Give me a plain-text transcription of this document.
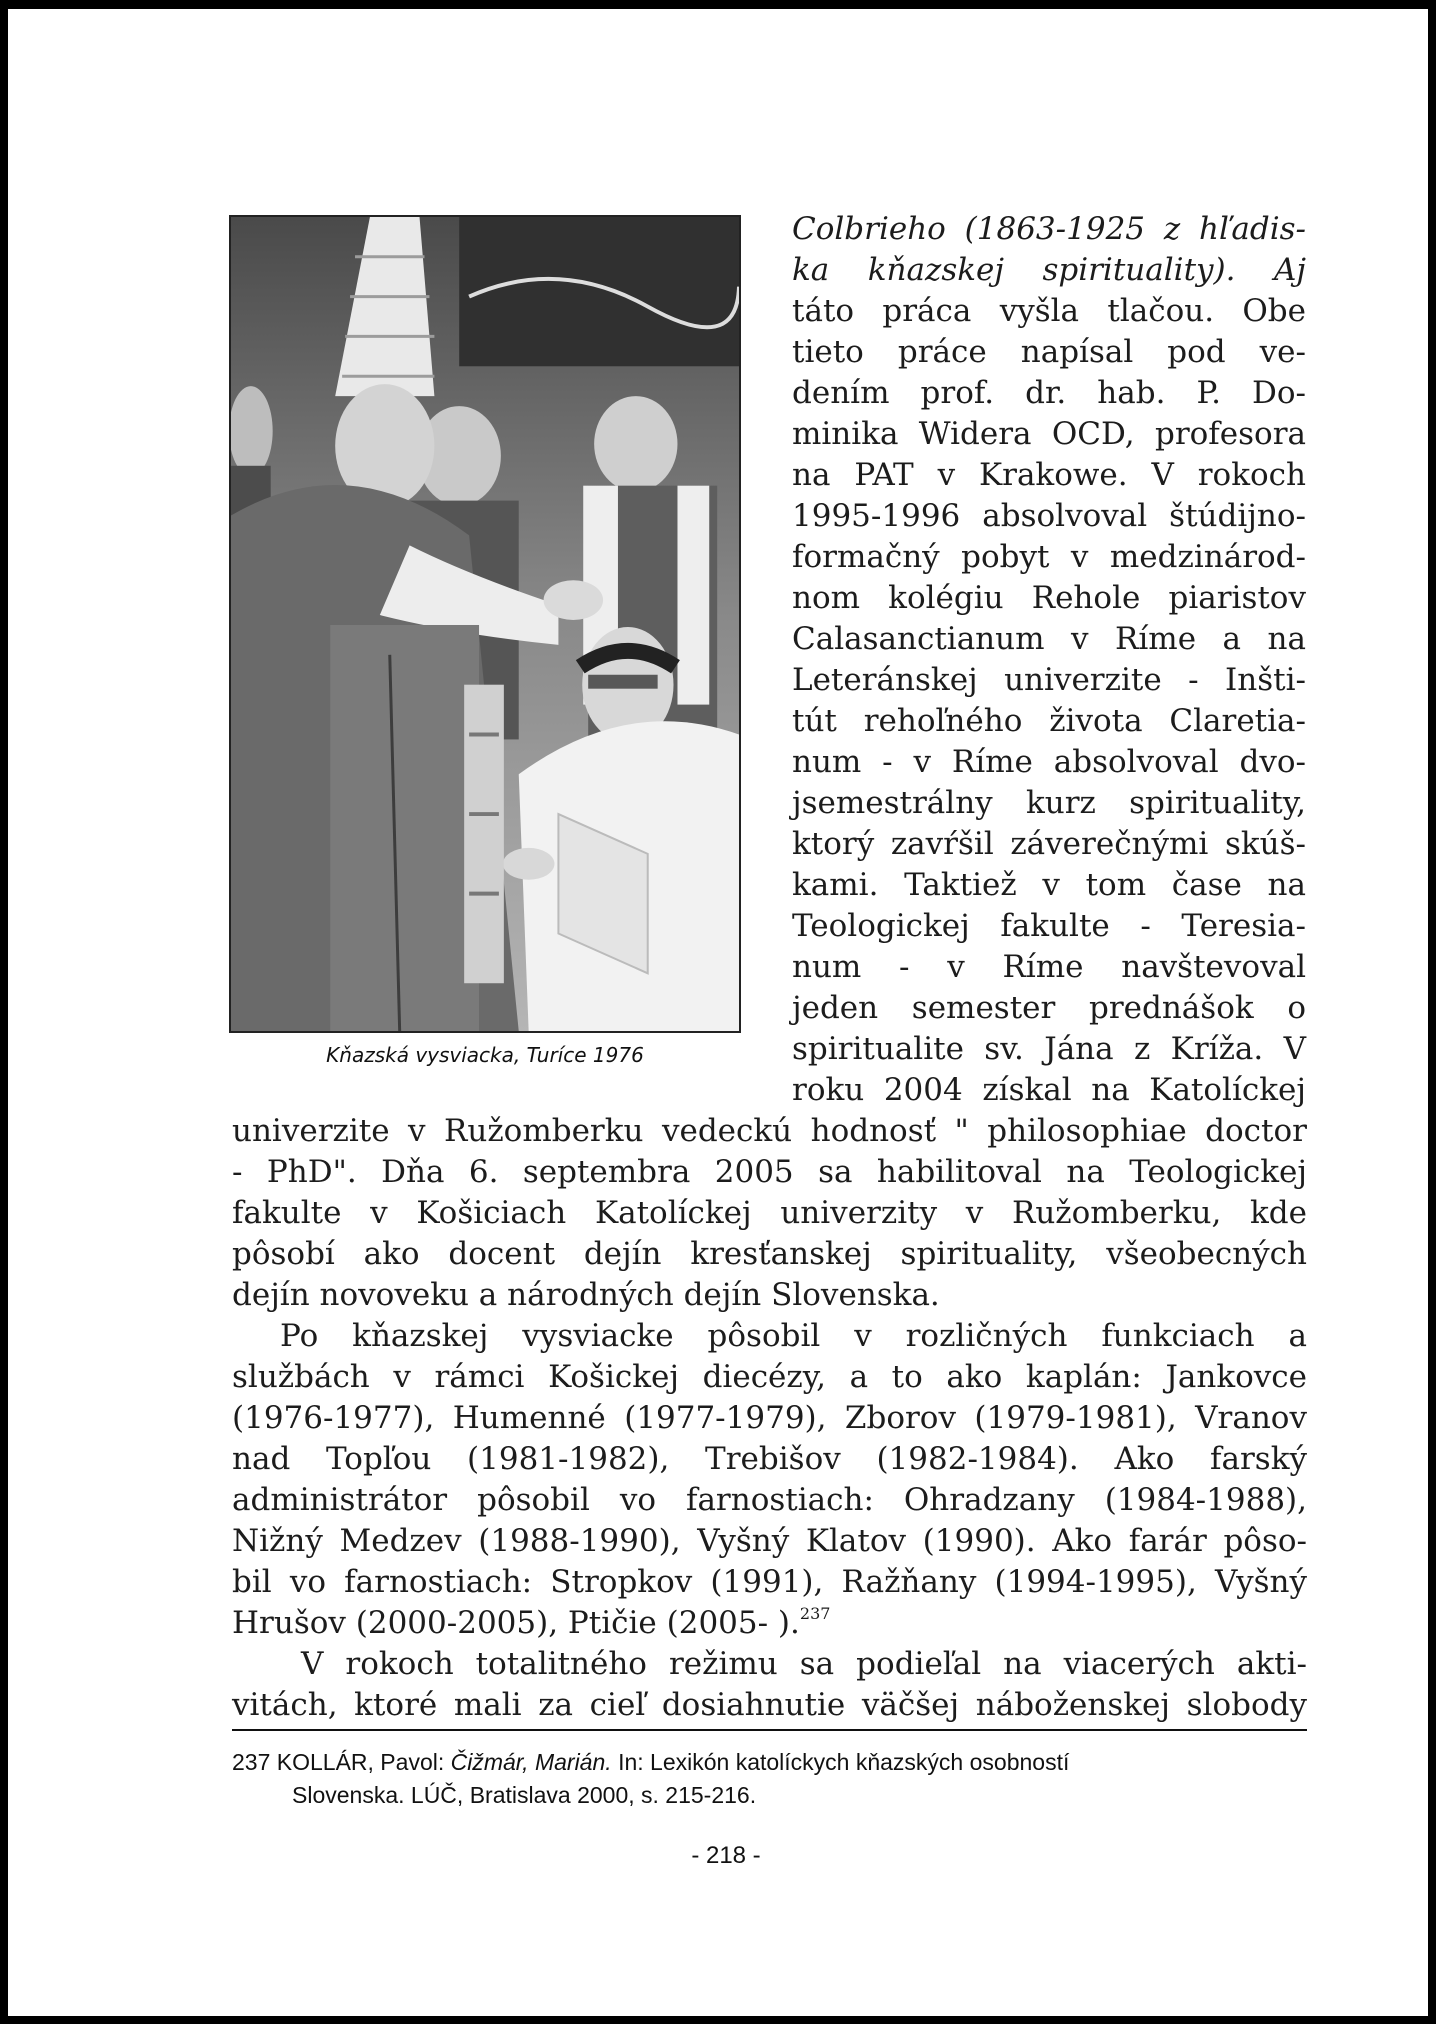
Kňazská vysviacka, Turíce 1976

Colbrieho (1863-1925 z hľadis-

ka kňazskej spirituality). Aj

táto práca vyšla tlačou. Obe

tieto práce napísal pod ve-

dením prof. dr. hab. P. Do-

minika Widera OCD, profesora

na PAT v Krakowe. V rokoch

1995-1996 absolvoval štúdijno-

formačný pobyt v medzinárod-

nom kolégiu Rehole piaristov

Calasanctianum v Ríme a na

Leteránskej univerzite - Inšti-

tút rehoľného života Claretia-

num - v Ríme absolvoval dvo-

jsemestrálny kurz spirituality,

ktorý zavŕšil záverečnými skúš-

kami. Taktiež v tom čase na

Teologickej fakulte - Teresia-

num - v Ríme navštevoval

jeden semester prednášok o

spiritualite sv. Jána z Kríža. V

roku 2004 získal na Katolíckej

univerzite v Ružomberku vedeckú hodnosť " philosophiae doctor

- PhD". Dňa 6. septembra 2005 sa habilitoval na Teologickej

fakulte v Košiciach Katolíckej univerzity v Ružomberku, kde

pôsobí ako docent dejín kresťanskej spirituality, všeobecných

dejín novoveku a národných dejín Slovenska.

Po kňazskej vysviacke pôsobil v rozličných funkciach a

službách v rámci Košickej diecézy, a to ako kaplán: Jankovce

(1976-1977), Humenné (1977-1979), Zborov (1979-1981), Vranov

nad Topľou (1981-1982), Trebišov (1982-1984). Ako farský

administrátor pôsobil vo farnostiach: Ohradzany (1984-1988),

Nižný Medzev (1988-1990), Vyšný Klatov (1990). Ako farár pôso-

bil vo farnostiach: Stropkov (1991), Ražňany (1994-1995), Vyšný

Hrušov (2000-2005), Ptičie (2005- ).$^{237}$

V rokoch totalitného režimu sa podieľal na viacerých akti-

vitách, ktoré mali za cieľ dosiahnutie väčšej náboženskej slobody

237 KOLLÁR, Pavol: Čižmár, Marián. In: Lexikón katolíckych kňazských osobností

Slovenska. LÚČ, Bratislava 2000, s. 215-216.

- 218 -
